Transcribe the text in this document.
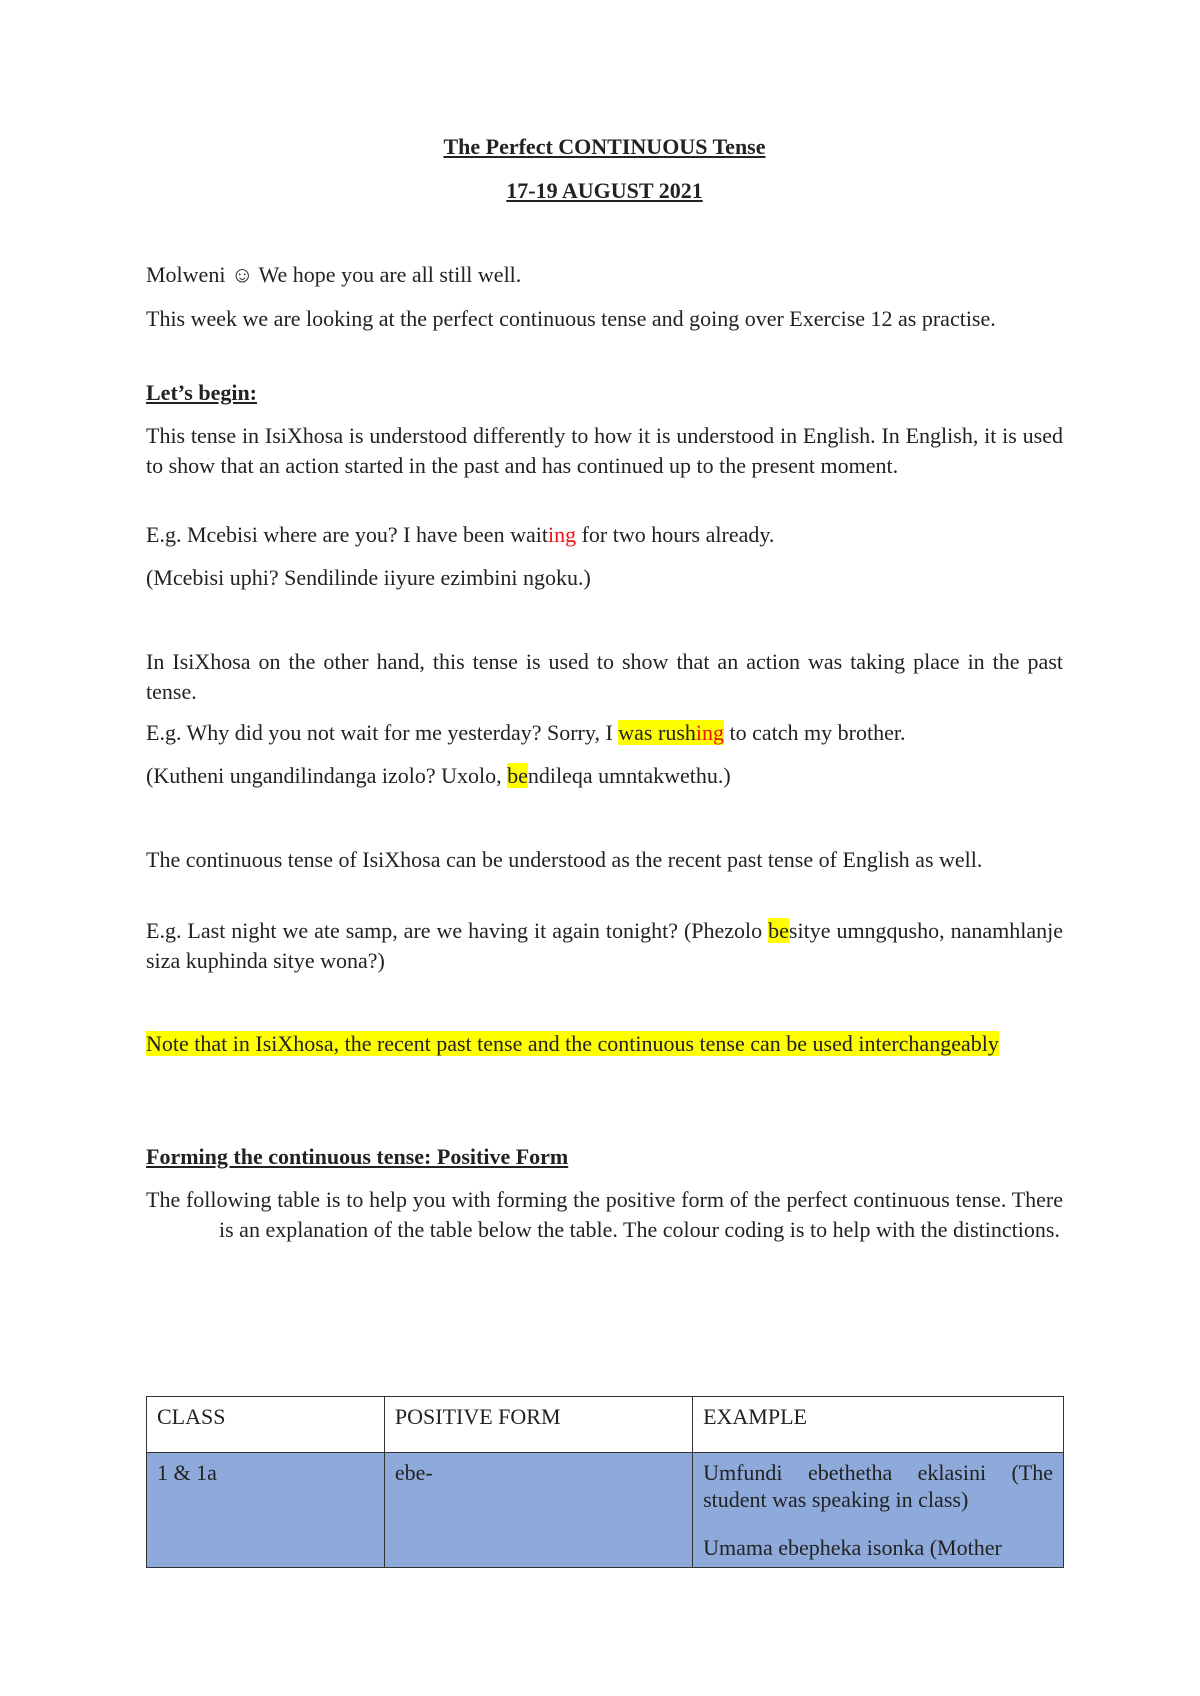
The Perfect CONTINUOUS Tense

17-19 AUGUST 2021

Molweni ☺ We hope you are all still well.

This week we are looking at the perfect continuous tense and going over Exercise 12 as practise.

Let’s begin:

This tense in IsiXhosa is understood differently to how it is understood in English. In English, it is used to show that an action started in the past and has continued up to the present moment.

E.g. Mcebisi where are you? I have been waiting for two hours already.

(Mcebisi uphi? Sendilinde iiyure ezimbini ngoku.)

In IsiXhosa on the other hand, this tense is used to show that an action was taking place in the past tense.

E.g. Why did you not wait for me yesterday? Sorry, I was rushing to catch my brother.

(Kutheni ungandilindanga izolo? Uxolo, bendileqa umntakwethu.)

The continuous tense of IsiXhosa can be understood as the recent past tense of English as well.

E.g. Last night we ate samp, are we having it again tonight? (Phezolo besitye umngqusho, nanamhlanje siza kuphinda sitye wona?)

Note that in IsiXhosa, the recent past tense and the continuous tense can be used interchangeably

Forming the continuous tense: Positive Form

The following table is to help you with forming the positive form of the perfect continuous tense. There is an explanation of the table below the table. The colour coding is to help with the distinctions.

CLASS	POSITIVE FORM	EXAMPLE
1 & 1a	ebe-	Umfundi ebethetha eklasini (The student was speaking in class)
Umama ebepheka isonka (Mother
